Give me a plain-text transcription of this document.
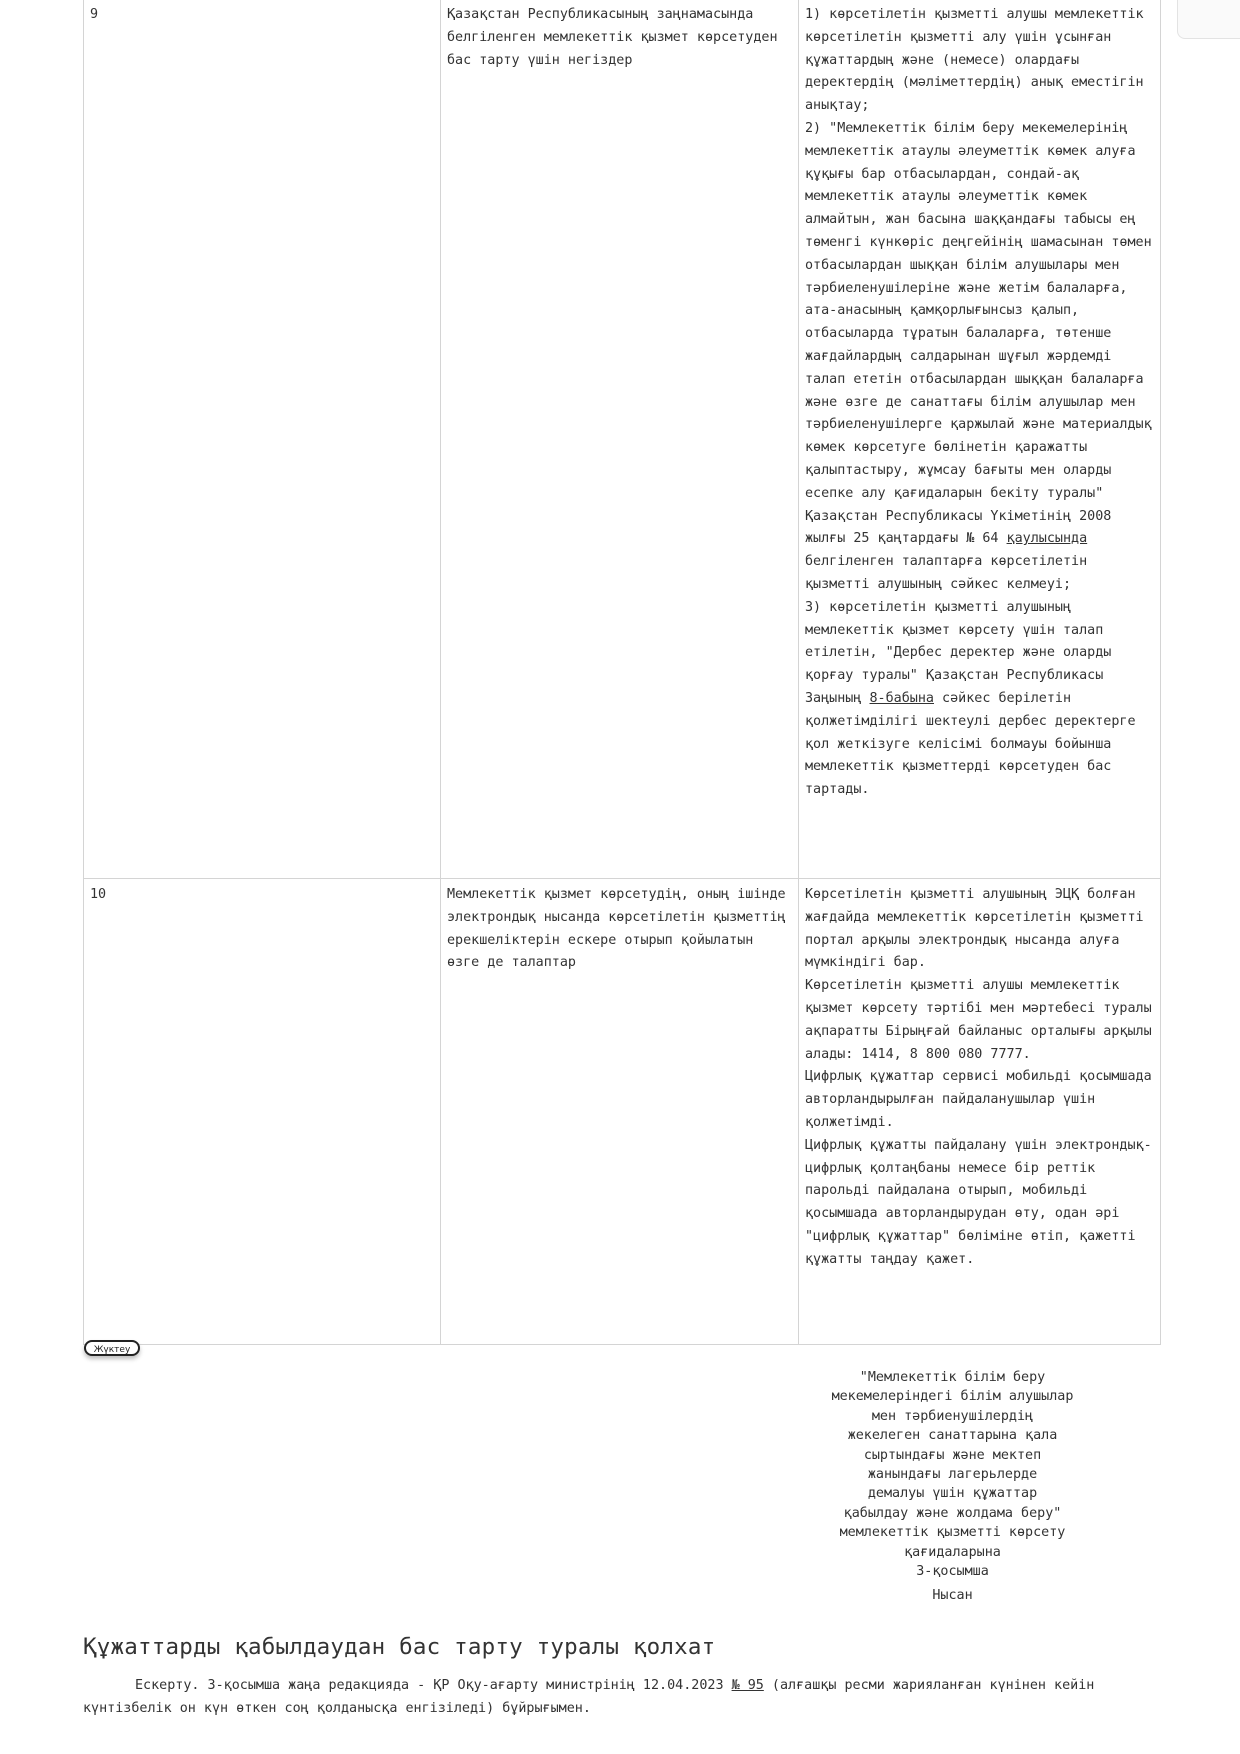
9	Қазақстан Республикасының заңнамасында белгіленген мемлекеттік қызмет көрсетуден бас тарту үшін негіздер	1) көрсетілетін қызметті алушы мемлекеттік көрсетілетін қызметті алу үшін ұсынған құжаттардың және (немесе) олардағы деректердің (мәліметтердің) анық еместігін анықтау;
2) "Мемлекеттік білім беру мекемелерінің мемлекеттік атаулы әлеуметтік көмек алуға құқығы бар отбасылардан, сондай-ақ мемлекеттік атаулы әлеуметтік көмек алмайтын, жан басына шаққандағы табысы ең төменгі күнкөріс деңгейінің шамасынан төмен отбасылардан шыққан білім алушылары мен тәрбиеленушілеріне және жетім балаларға, ата-анасының қамқорлығынсыз қалып, отбасыларда тұратын балаларға, төтенше жағдайлардың салдарынан шұғыл жәрдемді талап ететін отбасылардан шыққан балаларға және өзге де санаттағы білім алушылар мен тәрбиеленушілерге қаржылай және материалдық көмек көрсетуге бөлінетін қаражатты қалыптастыру, жұмсау бағыты мен оларды есепке алу қағидаларын бекіту туралы" Қазақстан Республикасы Үкіметінің 2008 жылғы 25 қаңтардағы № 64 қаулысында белгіленген талаптарға көрсетілетін қызметті алушының сәйкес келмеуі;
3) көрсетілетін қызметті алушының мемлекеттік қызмет көрсету үшін талап етілетін, "Дербес деректер және оларды қорғау туралы" Қазақстан Республикасы Заңының 8-бабына сәйкес берілетін қолжетімділігі шектеулі дербес деректерге қол жеткізуге келісімі болмауы бойынша мемлекеттік қызметтерді көрсетуден бас тартады.

10	Мемлекеттік қызмет көрсетудің, оның ішінде электрондық нысанда көрсетілетін қызметтің ерекшеліктерін ескере отырып қойылатын өзге де талаптар	Көрсетілетін қызметті алушының ЭЦҚ болған жағдайда мемлекеттік көрсетілетін қызметті портал арқылы электрондық нысанда алуға мүмкіндігі бар.
Көрсетілетін қызметті алушы мемлекеттік қызмет көрсету тәртібі мен мәртебесі туралы ақпаратты Бірыңғай байланыс орталығы арқылы алады: 1414, 8 800 080 7777.
Цифрлық құжаттар сервисі мобильді қосымшада авторландырылған пайдаланушылар үшін қолжетімді.
Цифрлық құжатты пайдалану үшін электрондық-цифрлық қолтаңбаны немесе бір реттік парольді пайдалана отырып, мобильді қосымшада авторландырудан өту, одан әрі "цифрлық құжаттар" бөліміне өтіп, қажетті құжатты таңдау қажет.
Жүктеу
"Мемлекеттік білім беру
мекемелеріндегі білім алушылар
мен тәрбиенушілердің
жекелеген санаттарына қала
сыртындағы және мектеп
жанындағы лагерьлерде
демалуы үшін құжаттар
қабылдау және жолдама беру"
мемлекеттік қызметті көрсету
қағидаларына
3-қосымша
Нысан
Құжаттарды қабылдаудан бас тарту туралы қолхат

Ескерту. 3-қосымша жаңа редакцияда - ҚР Оқу-ағарту министрінің 12.04.2023 № 95 (алғашқы ресми жарияланған күнінен кейін күнтізбелік он күн өткен соң қолданысқа енгізіледі) бұйрығымен.
